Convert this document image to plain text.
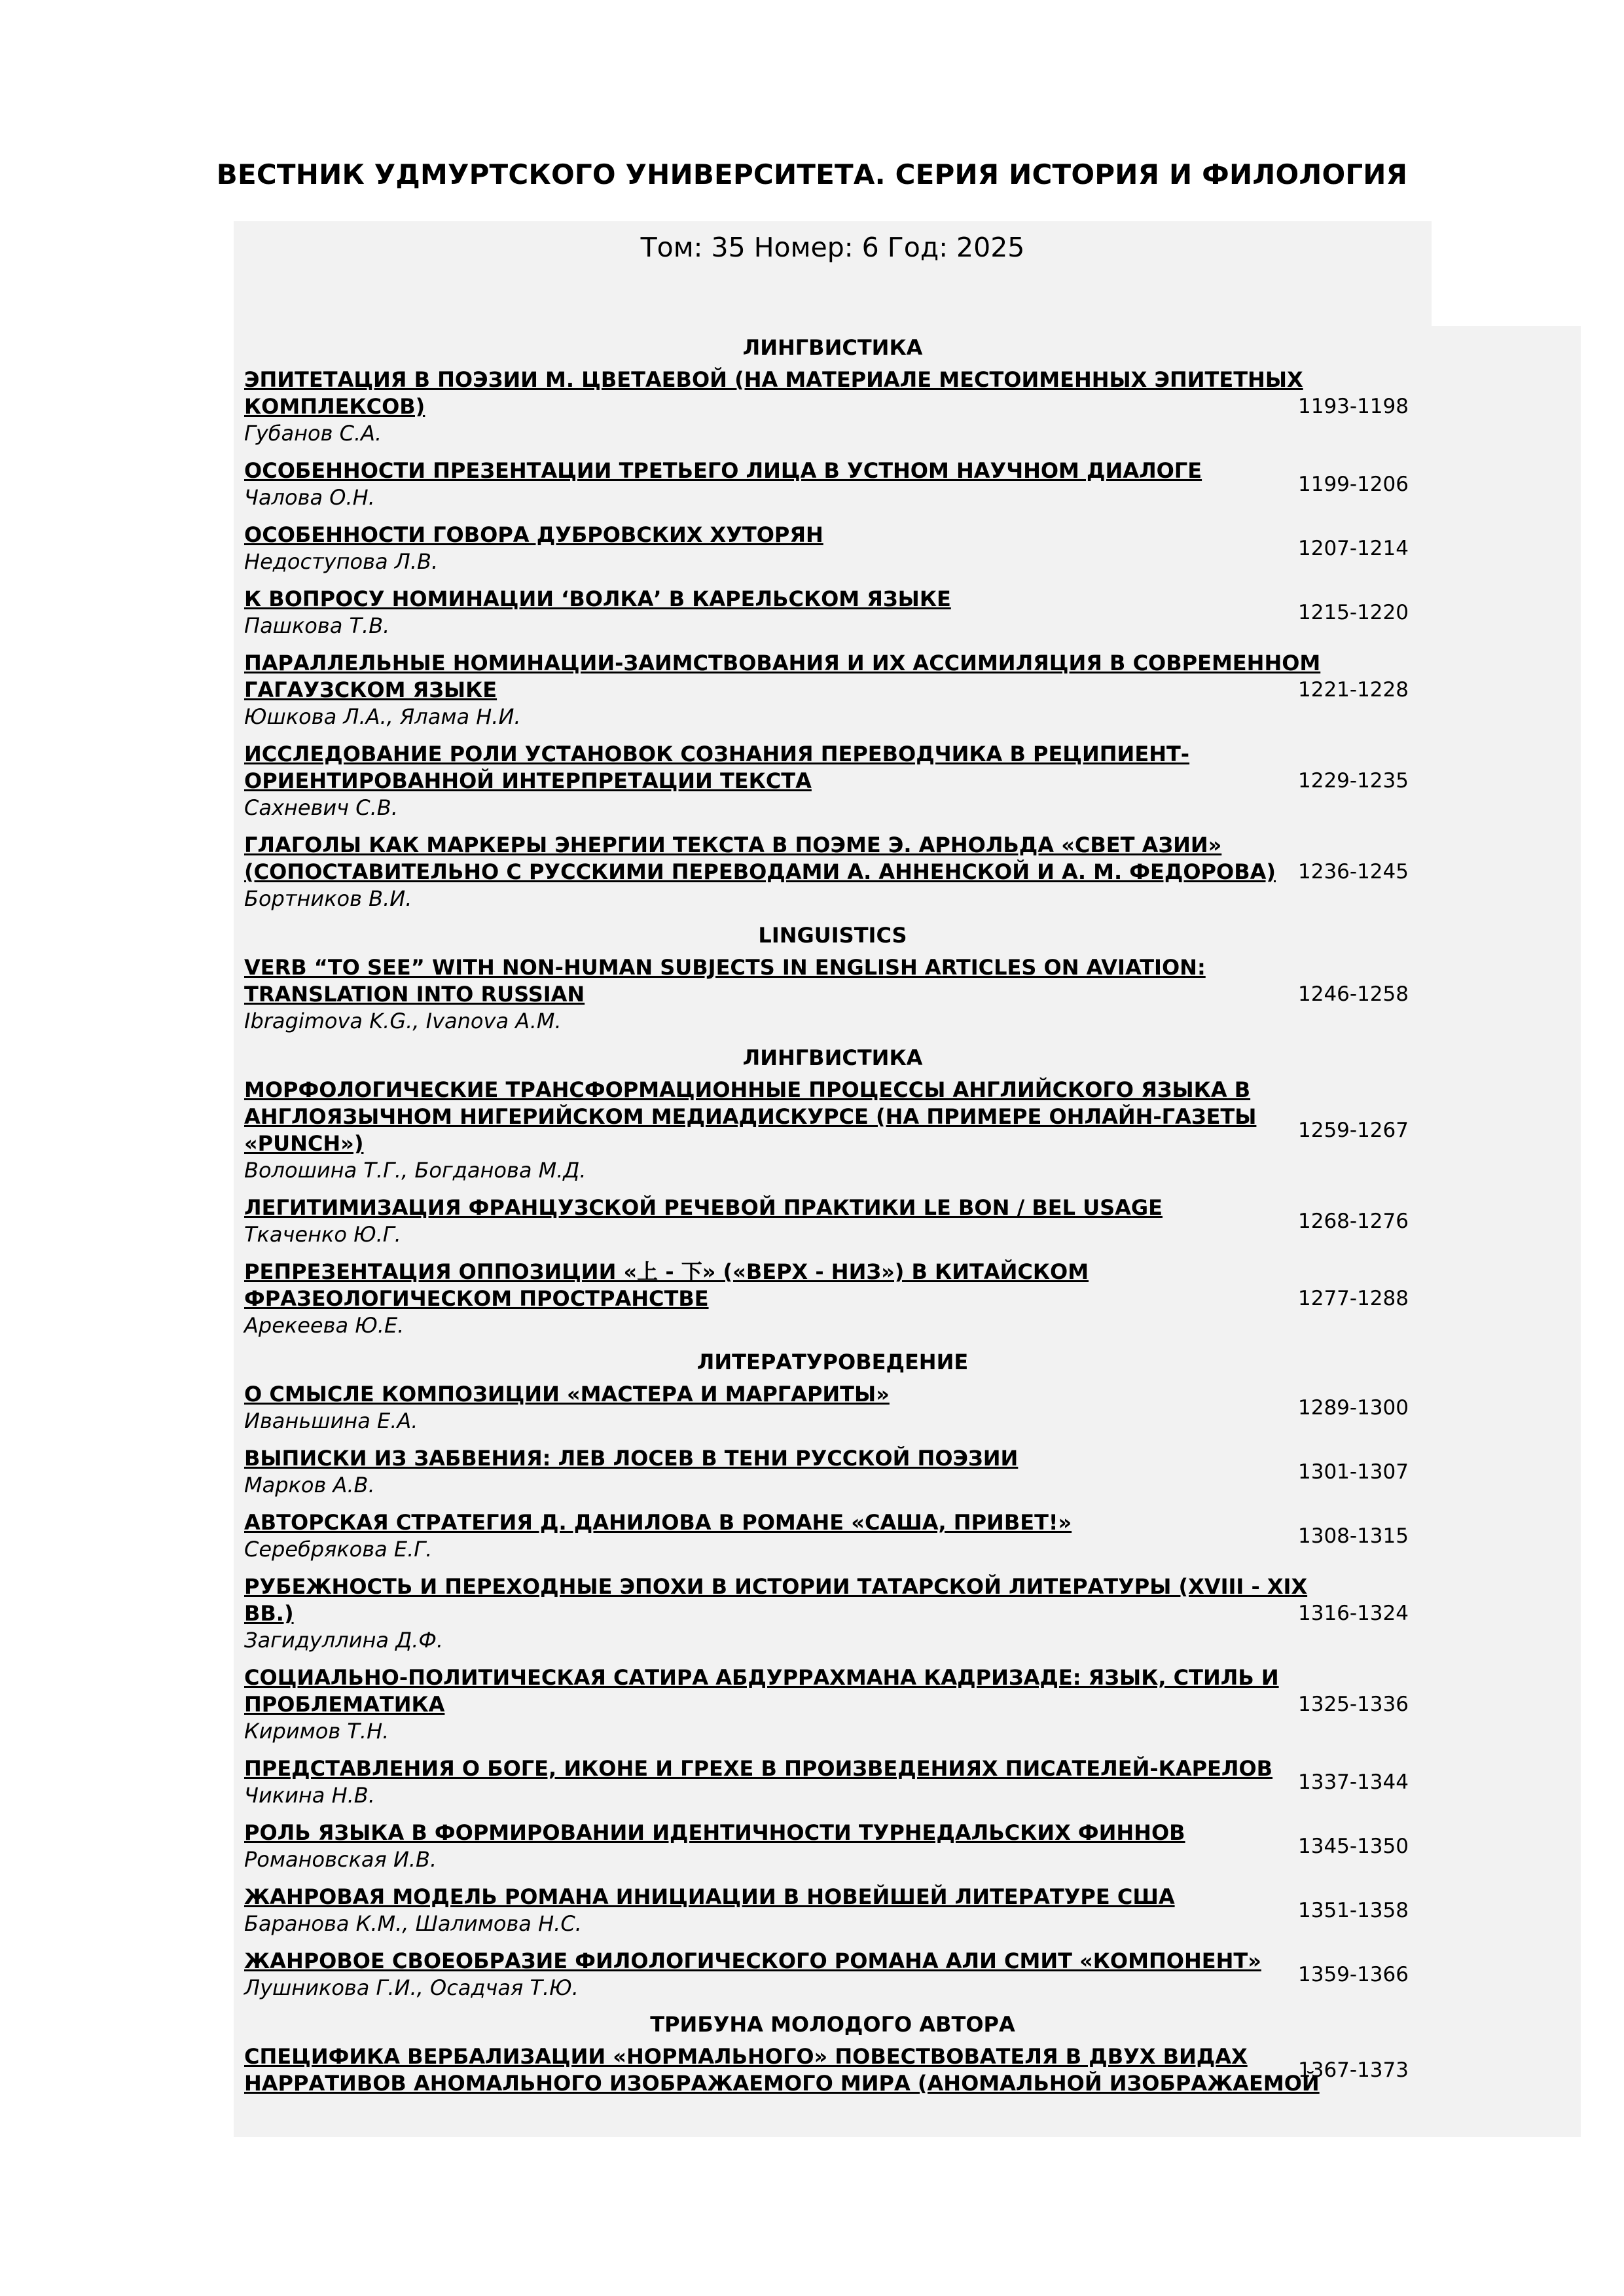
ВЕСТНИК УДМУРТСКОГО УНИВЕРСИТЕТА. СЕРИЯ ИСТОРИЯ И ФИЛОЛОГИЯ
Том: 35 Номер: 6 Год: 2025
ЛИНГВИСТИКА
ЭПИТЕТАЦИЯ В ПОЭЗИИ М. ЦВЕТАЕВОЙ (НА МАТЕРИАЛЕ МЕСТОИМЕННЫХ ЭПИТЕТНЫХ
КОМПЛЕКСОВ)
Губанов С.А.
1193-1198
ОСОБЕННОСТИ ПРЕЗЕНТАЦИИ ТРЕТЬЕГО ЛИЦА В УСТНОМ НАУЧНОМ ДИАЛОГЕ
Чалова О.Н.
1199-1206
ОСОБЕННОСТИ ГОВОРА ДУБРОВСКИХ ХУТОРЯН
Недоступова Л.В.
1207-1214
К ВОПРОСУ НОМИНАЦИИ ‘ВОЛКА’ В КАРЕЛЬСКОМ ЯЗЫКЕ
Пашкова Т.В.
1215-1220
ПАРАЛЛЕЛЬНЫЕ НОМИНАЦИИ-ЗАИМСТВОВАНИЯ И ИХ АССИМИЛЯЦИЯ В СОВРЕМЕННОМ
ГАГАУЗСКОМ ЯЗЫКЕ
Юшкова Л.А., Ялама Н.И.
1221-1228
ИССЛЕДОВАНИЕ РОЛИ УСТАНОВОК СОЗНАНИЯ ПЕРЕВОДЧИКА В РЕЦИПИЕНТ-
ОРИЕНТИРОВАННОЙ ИНТЕРПРЕТАЦИИ ТЕКСТА
Сахневич С.В.
1229-1235
ГЛАГОЛЫ КАК МАРКЕРЫ ЭНЕРГИИ ТЕКСТА В ПОЭМЕ Э. АРНОЛЬДА «СВЕТ АЗИИ»
(СОПОСТАВИТЕЛЬНО С РУССКИМИ ПЕРЕВОДАМИ А. АННЕНСКОЙ И А. М. ФЕДОРОВА)
Бортников В.И.
1236-1245
LINGUISTICS
VERB “TO SEE” WITH NON-HUMAN SUBJECTS IN ENGLISH ARTICLES ON AVIATION:
TRANSLATION INTO RUSSIAN
Ibragimova K.G., Ivanova A.M.
1246-1258
ЛИНГВИСТИКА
МОРФОЛОГИЧЕСКИЕ ТРАНСФОРМАЦИОННЫЕ ПРОЦЕССЫ АНГЛИЙСКОГО ЯЗЫКА В
АНГЛОЯЗЫЧНОМ НИГЕРИЙСКОМ МЕДИАДИСКУРСЕ (НА ПРИМЕРЕ ОНЛАЙН-ГАЗЕТЫ
«PUNCH»)
Волошина Т.Г., Богданова М.Д.
1259-1267
ЛЕГИТИМИЗАЦИЯ ФРАНЦУЗСКОЙ РЕЧЕВОЙ ПРАКТИКИ LE BON / BEL USAGE
Ткаченко Ю.Г.
1268-1276
РЕПРЕЗЕНТАЦИЯ ОППОЗИЦИИ «上 - 下» («ВЕРХ - НИЗ») В КИТАЙСКОМ
ФРАЗЕОЛОГИЧЕСКОМ ПРОСТРАНСТВЕ
Арекеева Ю.Е.
1277-1288
ЛИТЕРАТУРОВЕДЕНИЕ
О СМЫСЛЕ КОМПОЗИЦИИ «МАСТЕРА И МАРГАРИТЫ»
Иваньшина Е.А.
1289-1300
ВЫПИСКИ ИЗ ЗАБВЕНИЯ: ЛЕВ ЛОСЕВ В ТЕНИ РУССКОЙ ПОЭЗИИ
Марков А.В.
1301-1307
АВТОРСКАЯ СТРАТЕГИЯ Д. ДАНИЛОВА В РОМАНЕ «САША, ПРИВЕТ!»
Серебрякова Е.Г.
1308-1315
РУБЕЖНОСТЬ И ПЕРЕХОДНЫЕ ЭПОХИ В ИСТОРИИ ТАТАРСКОЙ ЛИТЕРАТУРЫ (XVIII - XIX
ВВ.)
Загидуллина Д.Ф.
1316-1324
СОЦИАЛЬНО-ПОЛИТИЧЕСКАЯ САТИРА АБДУРРАХМАНА КАДРИЗАДЕ: ЯЗЫК, СТИЛЬ И
ПРОБЛЕМАТИКА
Киримов Т.Н.
1325-1336
ПРЕДСТАВЛЕНИЯ О БОГЕ, ИКОНЕ И ГРЕХЕ В ПРОИЗВЕДЕНИЯХ ПИСАТЕЛЕЙ-КАРЕЛОВ
Чикина Н.В.
1337-1344
РОЛЬ ЯЗЫКА В ФОРМИРОВАНИИ ИДЕНТИЧНОСТИ ТУРНЕДАЛЬСКИХ ФИННОВ
Романовская И.В.
1345-1350
ЖАНРОВАЯ МОДЕЛЬ РОМАНА ИНИЦИАЦИИ В НОВЕЙШЕЙ ЛИТЕРАТУРЕ США
Баранова К.М., Шалимова Н.С.
1351-1358
ЖАНРОВОЕ СВОЕОБРАЗИЕ ФИЛОЛОГИЧЕСКОГО РОМАНА АЛИ СМИТ «КОМПОНЕНТ»
Лушникова Г.И., Осадчая Т.Ю.
1359-1366
ТРИБУНА МОЛОДОГО АВТОРА
СПЕЦИФИКА ВЕРБАЛИЗАЦИИ «НОРМАЛЬНОГО» ПОВЕСТВОВАТЕЛЯ В ДВУХ ВИДАХ
НАРРАТИВОВ АНОМАЛЬНОГО ИЗОБРАЖАЕМОГО МИРА (АНОМАЛЬНОЙ ИЗОБРАЖАЕМОЙ
1367-1373
